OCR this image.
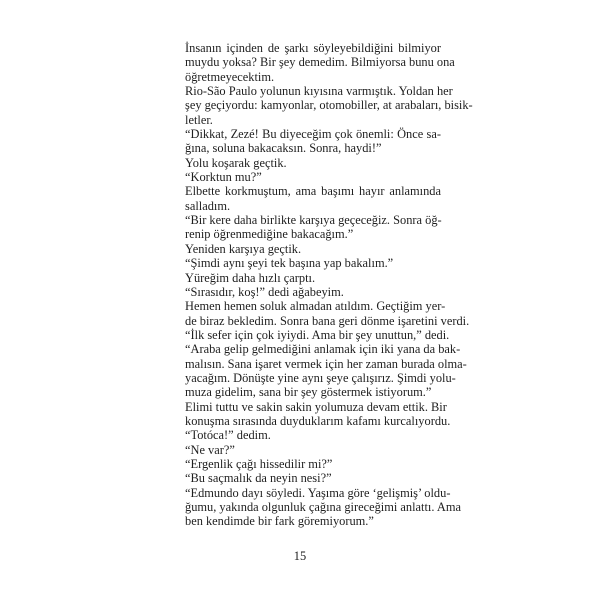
İnsanın içinden de şarkı söyleyebildiğini bilmiyor
muydu yoksa? Bir şey demedim. Bilmiyorsa bunu ona
öğretmeyecektim.

Rio-São Paulo yolunun kıyısına varmıştık. Yoldan her
şey geçiyordu: kamyonlar, otomobiller, at arabaları, bisik-
letler.

“Dikkat, Zezé! Bu diyeceğim çok önemli: Önce sa-
ğına, soluna bakacaksın. Sonra, haydi!”

Yolu koşarak geçtik.

“Korktun mu?”

Elbette korkmuştum, ama başımı hayır anlamında
salladım.

“Bir kere daha birlikte karşıya geçeceğiz. Sonra öğ-
renip öğrenmediğine bakacağım.”

Yeniden karşıya geçtik.

“Şimdi aynı şeyi tek başına yap bakalım.”

Yüreğim daha hızlı çarptı.

“Sırasıdır, koş!” dedi ağabeyim.

Hemen hemen soluk almadan atıldım. Geçtiğim yer-
de biraz bekledim. Sonra bana geri dönme işaretini verdi.

“İlk sefer için çok iyiydi. Ama bir şey unuttun,” dedi.
“Araba gelip gelmediğini anlamak için iki yana da bak-
malısın. Sana işaret vermek için her zaman burada olma-
yacağım. Dönüşte yine aynı şeye çalışırız. Şimdi yolu-
muza gidelim, sana bir şey göstermek istiyorum.”

Elimi tuttu ve sakin sakin yolumuza devam ettik. Bir
konuşma sırasında duyduklarım kafamı kurcalıyordu.

“Totóca!” dedim.

“Ne var?”

“Ergenlik çağı hissedilir mi?”

“Bu saçmalık da neyin nesi?”

“Edmundo dayı söyledi. Yaşıma göre ‘gelişmiş’ oldu-
ğumu, yakında olgunluk çağına gireceğimi anlattı. Ama
ben kendimde bir fark göremiyorum.”

15
